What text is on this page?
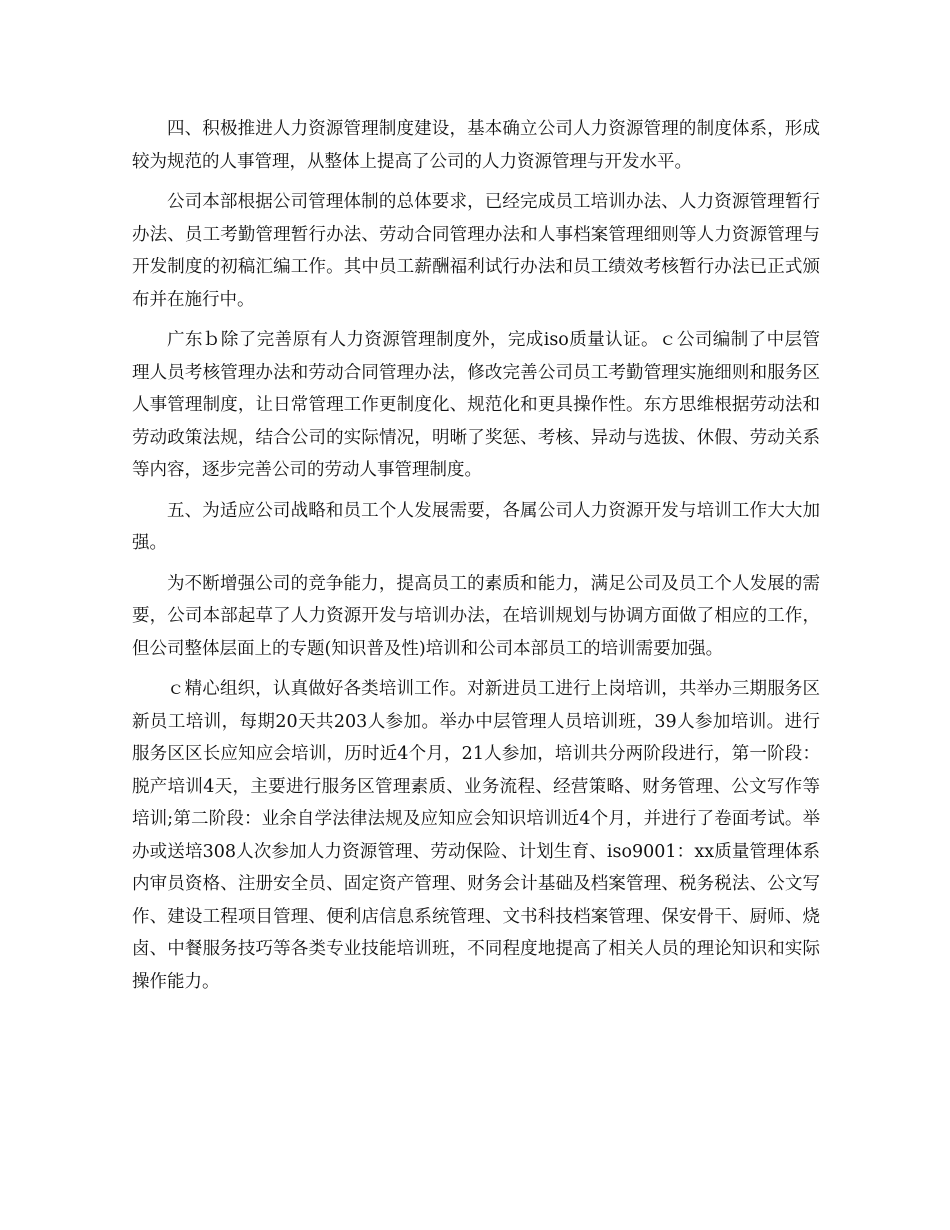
四、积极推进人力资源管理制度建设，基本确立公司人力资源管理的制度体系，形成较为规范的人事管理，从整体上提高了公司的人力资源管理与开发水平。

公司本部根据公司管理体制的总体要求，已经完成员工培训办法、人力资源管理暂行办法、员工考勤管理暂行办法、劳动合同管理办法和人事档案管理细则等人力资源管理与开发制度的初稿汇编工作。其中员工薪酬福利试行办法和员工绩效考核暂行办法已正式颁布并在施行中。

广东ｂ除了完善原有人力资源管理制度外，完成iso质量认证。ｃ公司编制了中层管理人员考核管理办法和劳动合同管理办法，修改完善公司员工考勤管理实施细则和服务区人事管理制度，让日常管理工作更制度化、规范化和更具操作性。东方思维根据劳动法和劳动政策法规，结合公司的实际情况，明晰了奖惩、考核、异动与选拔、休假、劳动关系等内容，逐步完善公司的劳动人事管理制度。

五、为适应公司战略和员工个人发展需要，各属公司人力资源开发与培训工作大大加强。

为不断增强公司的竞争能力，提高员工的素质和能力，满足公司及员工个人发展的需要，公司本部起草了人力资源开发与培训办法，在培训规划与协调方面做了相应的工作，但公司整体层面上的专题(知识普及性)培训和公司本部员工的培训需要加强。

ｃ精心组织，认真做好各类培训工作。对新进员工进行上岗培训，共举办三期服务区新员工培训，每期20天共203人参加。举办中层管理人员培训班，39人参加培训。进行服务区区长应知应会培训，历时近4个月，21人参加，培训共分两阶段进行，第一阶段：脱产培训4天，主要进行服务区管理素质、业务流程、经营策略、财务管理、公文写作等培训;第二阶段：业余自学法律法规及应知应会知识培训近4个月，并进行了卷面考试。举办或送培308人次参加人力资源管理、劳动保险、计划生育、iso9001：xx质量管理体系内审员资格、注册安全员、固定资产管理、财务会计基础及档案管理、税务税法、公文写作、建设工程项目管理、便利店信息系统管理、文书科技档案管理、保安骨干、厨师、烧卤、中餐服务技巧等各类专业技能培训班，不同程度地提高了相关人员的理论知识和实际操作能力。
